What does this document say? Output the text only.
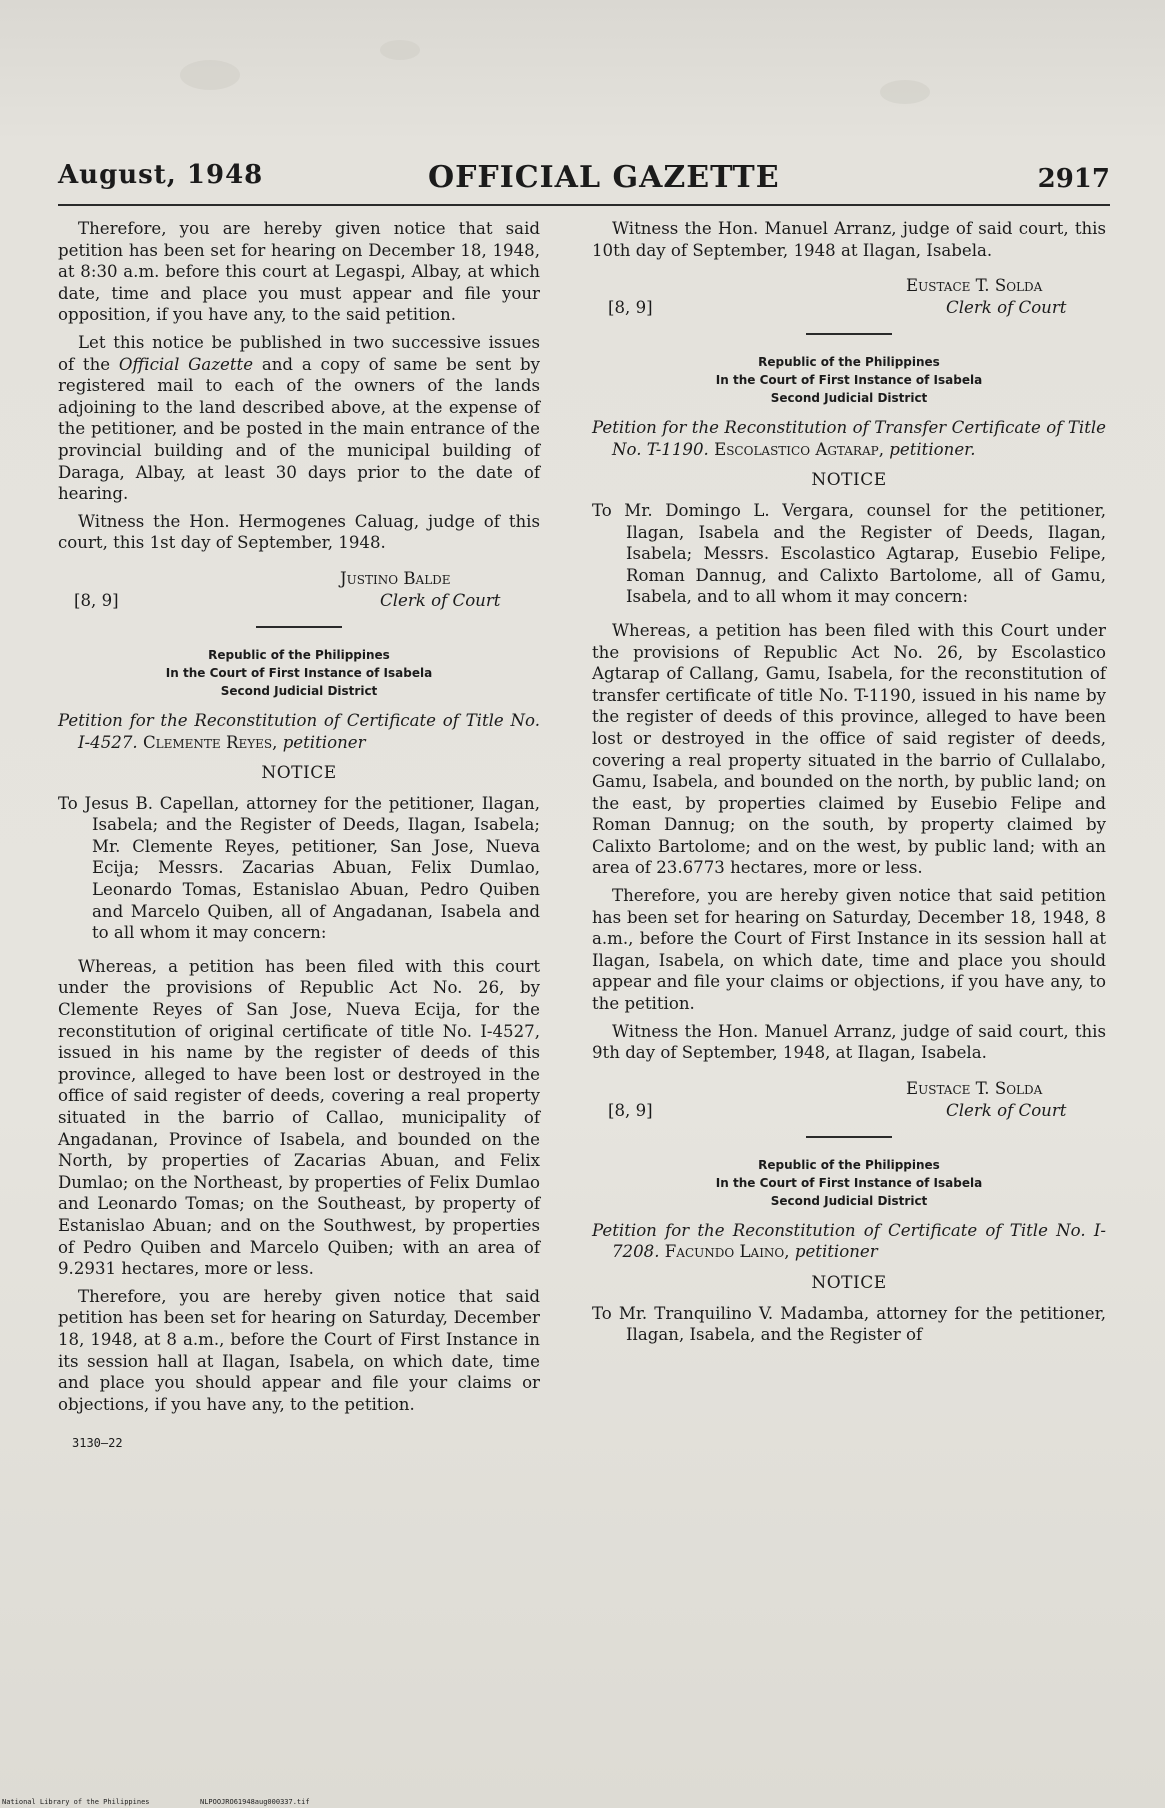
August, 1948	OFFICIAL GAZETTE	2917

Therefore, you are hereby given notice that said petition has been set for hearing on December 18, 1948, at 8:30 a.m. before this court at Legaspi, Albay, at which date, time and place you must appear and file your opposition, if you have any, to the said petition.

Let this notice be published in two successive issues of the Official Gazette and a copy of same be sent by registered mail to each of the owners of the lands adjoining to the land described above, at the expense of the petitioner, and be posted in the main entrance of the provincial building and of the municipal building of Daraga, Albay, at least 30 days prior to the date of hearing.

Witness the Hon. Hermogenes Caluag, judge of this court, this 1st day of September, 1948.

[8, 9]
Justino Balde
Clerk of Court
Republic of the Philippines
In the Court of First Instance of Isabela
Second Judicial District

Petition for the Reconstitution of Certificate of Title No. I-4527. Clemente Reyes, petitioner

NOTICE

To Jesus B. Capellan, attorney for the petitioner, Ilagan, Isabela; and the Register of Deeds, Ilagan, Isabela; Mr. Clemente Reyes, petitioner, San Jose, Nueva Ecija; Messrs. Zacarias Abuan, Felix Dumlao, Leonardo Tomas, Estanislao Abuan, Pedro Quiben and Marcelo Quiben, all of Angadanan, Isabela and to all whom it may concern:

Whereas, a petition has been filed with this court under the provisions of Republic Act No. 26, by Clemente Reyes of San Jose, Nueva Ecija, for the reconstitution of original certificate of title No. I-4527, issued in his name by the register of deeds of this province, alleged to have been lost or destroyed in the office of said register of deeds, covering a real property situated in the barrio of Callao, municipality of Angadanan, Province of Isabela, and bounded on the North, by properties of Zacarias Abuan, and Felix Dumlao; on the Northeast, by properties of Felix Dumlao and Leonardo Tomas; on the Southeast, by property of Estanislao Abuan; and on the Southwest, by properties of Pedro Quiben and Marcelo Quiben; with an area of 9.2931 hectares, more or less.

Therefore, you are hereby given notice that said petition has been set for hearing on Saturday, December 18, 1948, at 8 a.m., before the Court of First Instance in its session hall at Ilagan, Isabela, on which date, time and place you should appear and file your claims or objections, if you have any, to the petition.

3130—22

Witness the Hon. Manuel Arranz, judge of said court, this 10th day of September, 1948 at Ilagan, Isabela.

[8, 9]
Eustace T. Solda
Clerk of Court
Republic of the Philippines
In the Court of First Instance of Isabela
Second Judicial District

Petition for the Reconstitution of Transfer Certificate of Title No. T-1190. Escolastico Agtarap, petitioner.

NOTICE

To Mr. Domingo L. Vergara, counsel for the petitioner, Ilagan, Isabela and the Register of Deeds, Ilagan, Isabela; Messrs. Escolastico Agtarap, Eusebio Felipe, Roman Dannug, and Calixto Bartolome, all of Gamu, Isabela, and to all whom it may concern:

Whereas, a petition has been filed with this Court under the provisions of Republic Act No. 26, by Escolastico Agtarap of Callang, Gamu, Isabela, for the reconstitution of transfer certificate of title No. T-1190, issued in his name by the register of deeds of this province, alleged to have been lost or destroyed in the office of said register of deeds, covering a real property situated in the barrio of Cullalabo, Gamu, Isabela, and bounded on the north, by public land; on the east, by properties claimed by Eusebio Felipe and Roman Dannug; on the south, by property claimed by Calixto Bartolome; and on the west, by public land; with an area of 23.6773 hectares, more or less.

Therefore, you are hereby given notice that said petition has been set for hearing on Saturday, December 18, 1948, 8 a.m., before the Court of First Instance in its session hall at Ilagan, Isabela, on which date, time and place you should appear and file your claims or objections, if you have any, to the petition.

Witness the Hon. Manuel Arranz, judge of said court, this 9th day of September, 1948, at Ilagan, Isabela.

[8, 9]
Eustace T. Solda
Clerk of Court
Republic of the Philippines
In the Court of First Instance of Isabela
Second Judicial District

Petition for the Reconstitution of Certificate of Title No. I-7208. Facundo Laino, petitioner

NOTICE

To Mr. Tranquilino V. Madamba, attorney for the petitioner, Ilagan, Isabela, and the Register of

National Library of the Philippines	NLPOOJRO61948aug000337.tif
